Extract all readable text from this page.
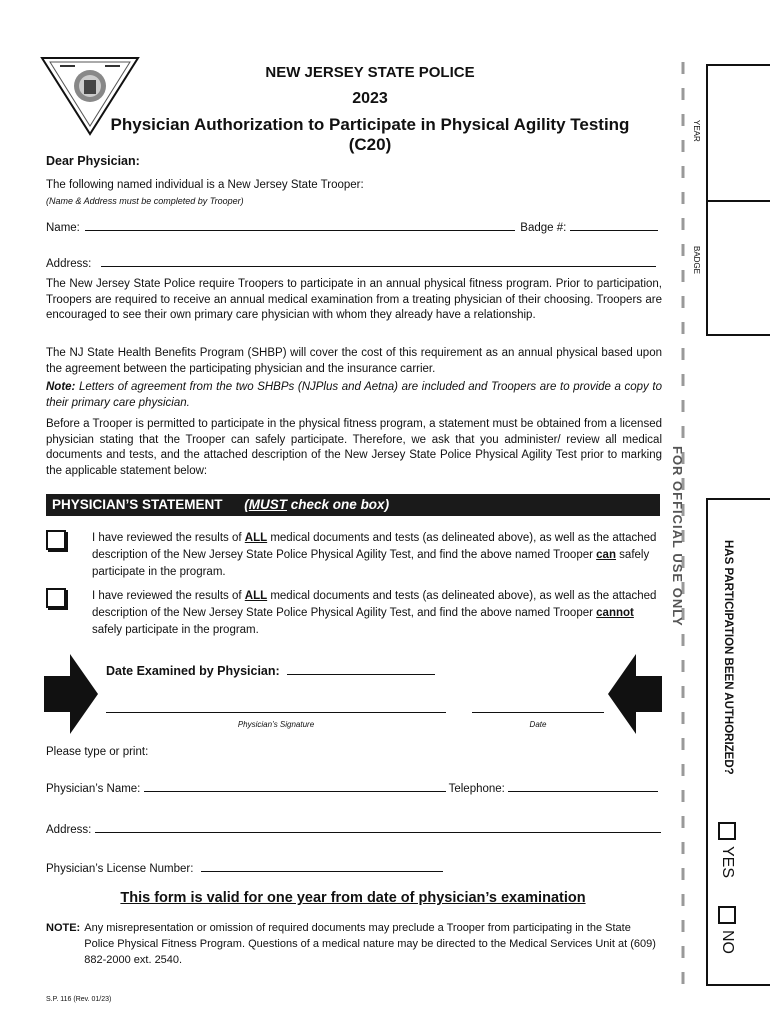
NEW JERSEY STATE POLICE
2023
Physician Authorization to Participate in Physical Agility Testing (C20)
Dear Physician:
The following named individual is a New Jersey State Trooper:
(Name & Address must be completed by Trooper)
Name:	Badge #:
Address:
The New Jersey State Police require Troopers to participate in an annual physical fitness program. Prior to participation, Troopers are required to receive an annual medical examination from a treating physician of their choosing. Troopers are encouraged to see their own primary care physician with whom they already have a relationship.
The NJ State Health Benefits Program (SHBP) will cover the cost of this requirement as an annual physical based upon the agreement between the participating physician and the insurance carrier.
Note: Letters of agreement from the two SHBPs (NJPlus and Aetna) are included and Troopers are to provide a copy to their primary care physician.
Before a Trooper is permitted to participate in the physical fitness program, a statement must be obtained from a licensed physician stating that the Trooper can safely participate. Therefore, we ask that you administer/ review all medical documents and tests, and the attached description of the New Jersey State Police Physical Agility Test prior to marking the applicable statement below:
PHYSICIAN’S STATEMENT (MUST check one box)
I have reviewed the results of ALL medical documents and tests (as delineated above), as well as the attached description of the New Jersey State Police Physical Agility Test, and find the above named Trooper can safely participate in the program.
I have reviewed the results of ALL medical documents and tests (as delineated above), as well as the attached description of the New Jersey State Police Physical Agility Test, and find the above named Trooper cannot safely participate in the program.
Date Examined by Physician:
Physician’s Signature	Date
Please type or print:
Physician’s Name:	Telephone:
Address:
Physician’s License Number:
This form is valid for one year from date of physician’s examination
NOTE: Any misrepresentation or omission of required documents may preclude a Trooper from participating in the State Police Physical Fitness Program. Questions of a medical nature may be directed to the Medical Services Unit at (609) 882-2000 ext. 2540.
S.P. 116 (Rev. 01/23)
YEAR
BADGE
FOR OFFICIAL USE ONLY
HAS PARTICIPATION BEEN AUTHORIZED?
YES
NO
